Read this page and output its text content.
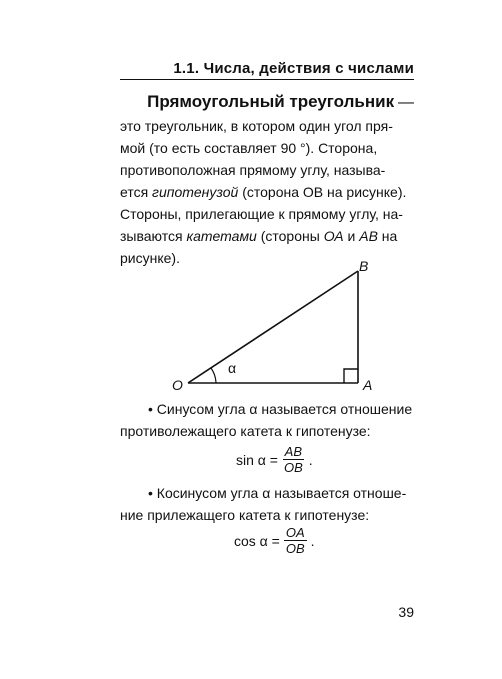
1.1. Числа, действия с числами

Прямоугольный треугольник —

это треугольник, в котором один угол пря-

мой (то есть составляет 90 °). Сторона,

противоположная прямому углу, называ-

ется гипотенузой (сторона ОВ на рисунке).

Стороны, прилегающие к прямому углу, на-

зываются катетами (стороны ОА и АВ на

рисунке).

O	A
B
α

• Синусом угла α называется отношение

противолежащего катета к гипотенузе:

$\sin \alpha = \frac{AB}{OB}$ .

• Косинусом угла α называется отноше-

ние прилежащего катета к гипотенузе:

$\cos \alpha = \frac{OA}{OB}$ .
39
